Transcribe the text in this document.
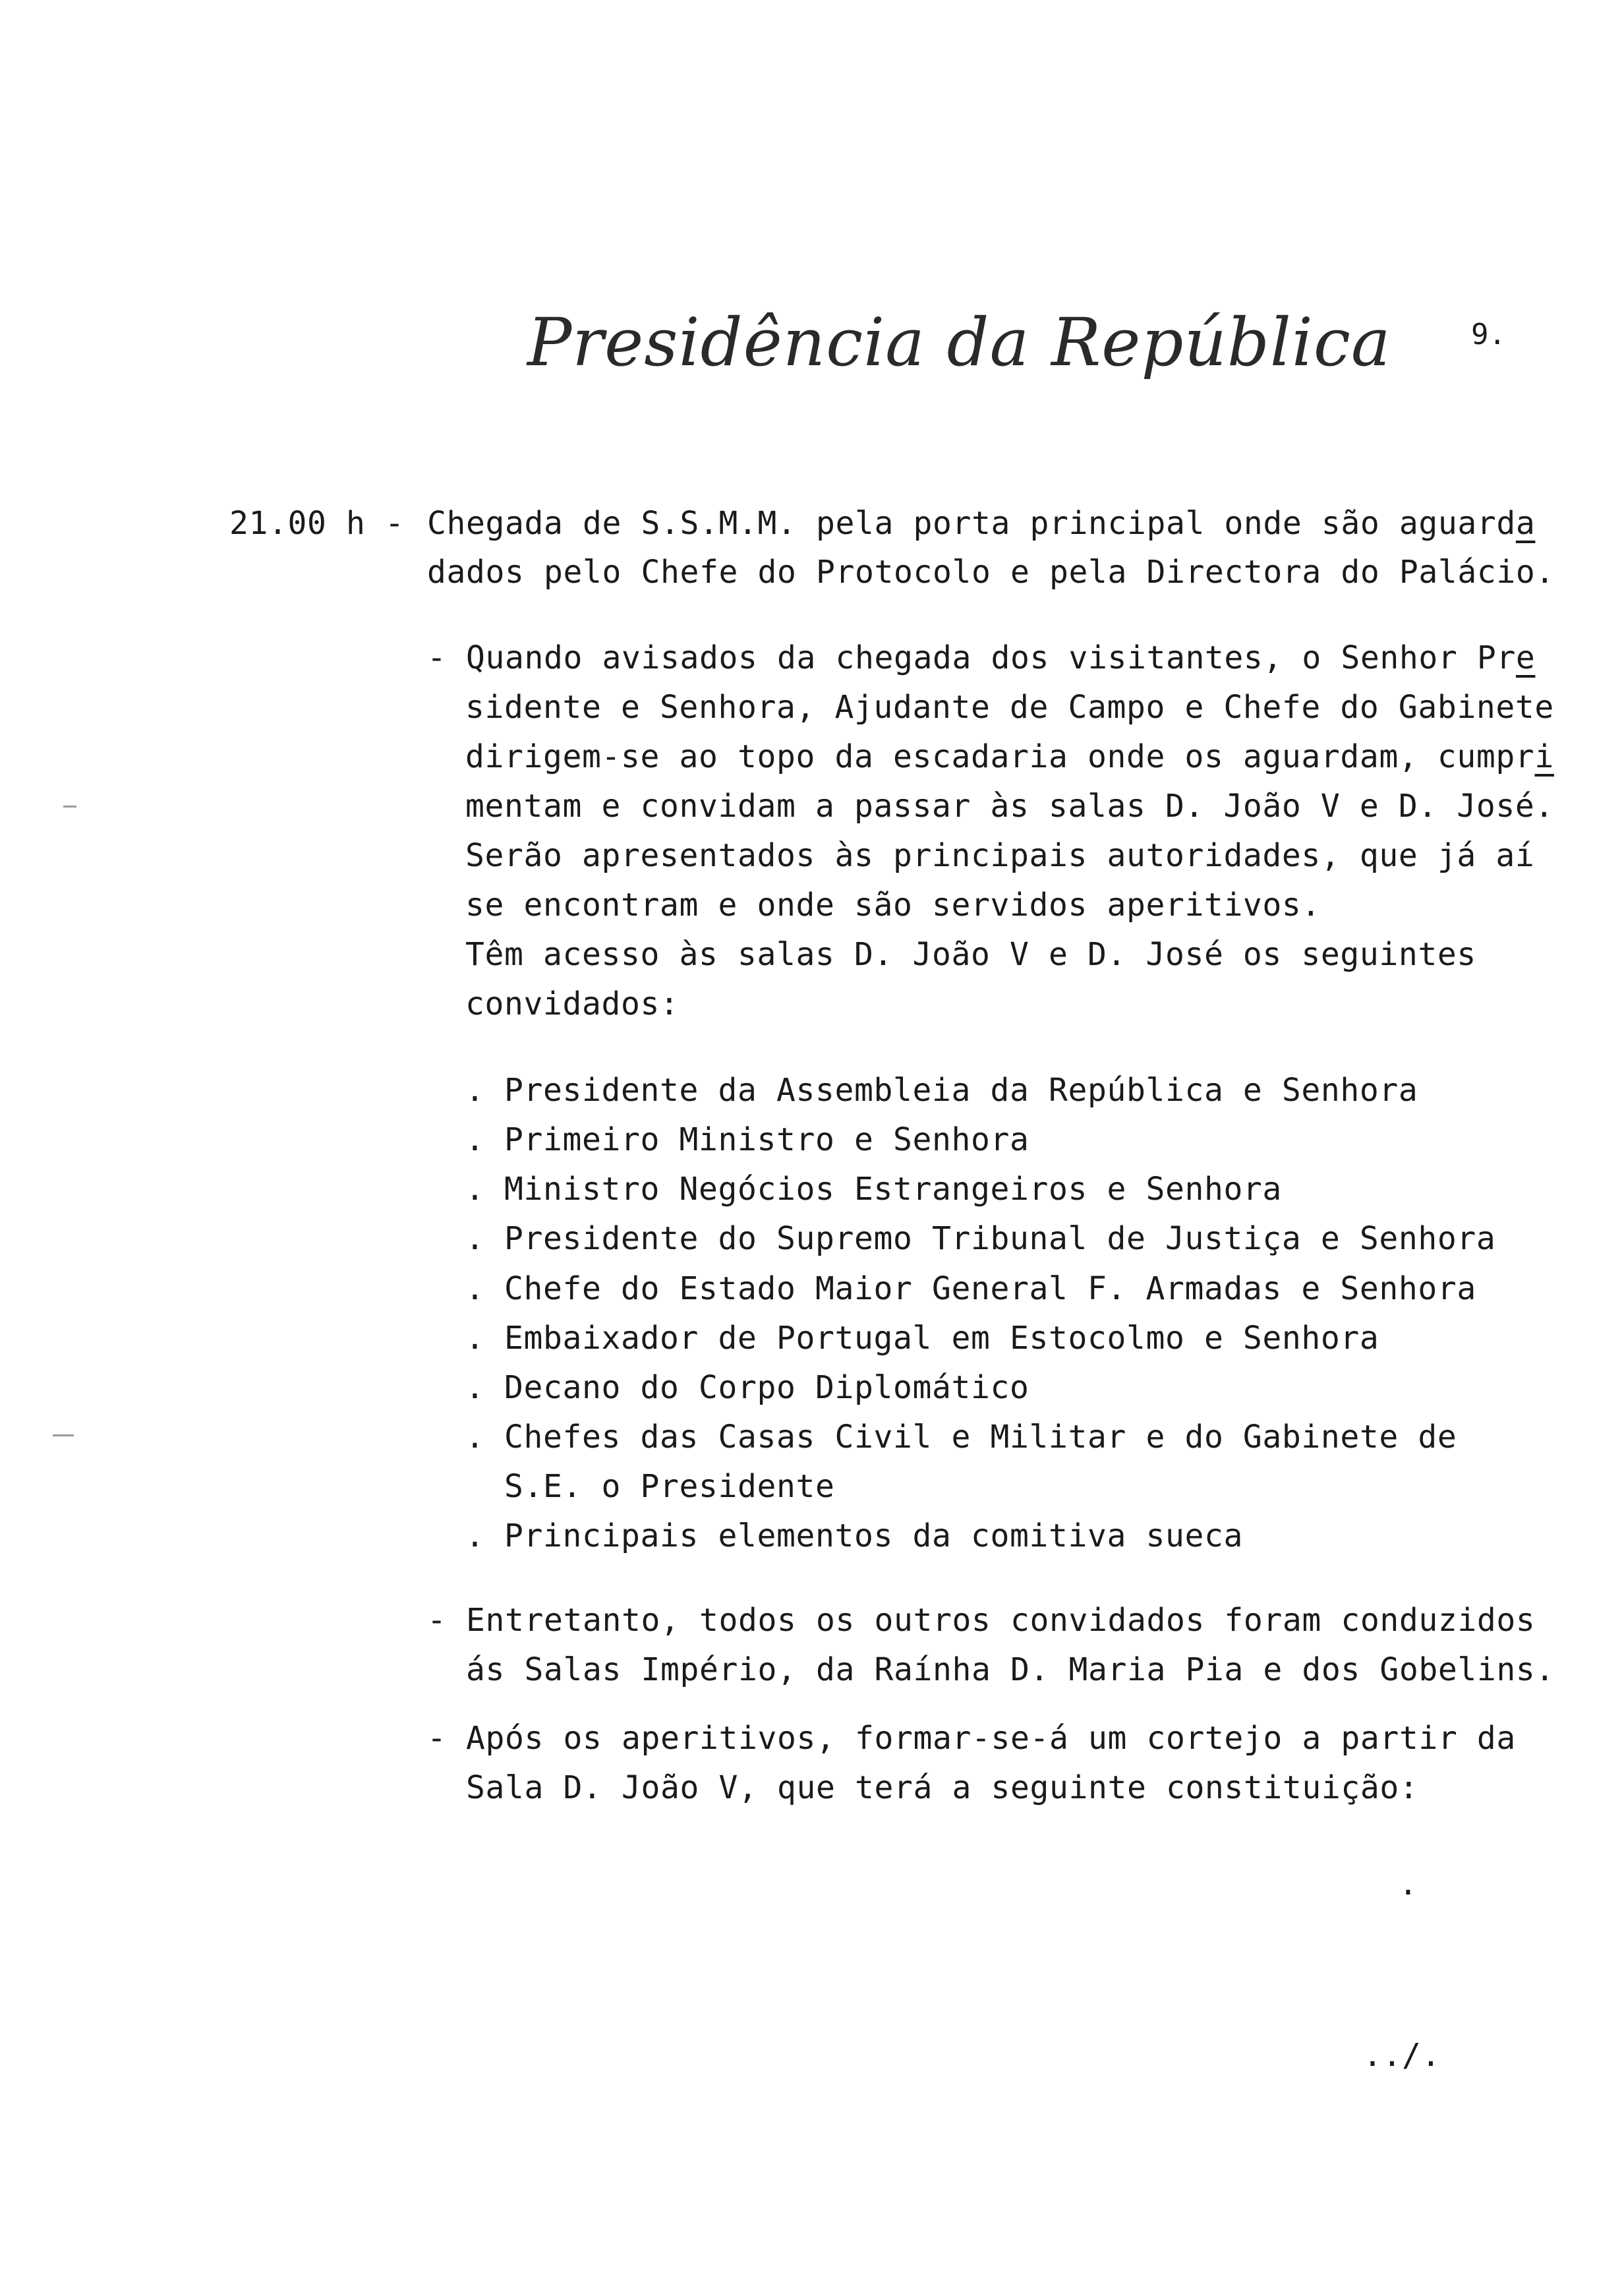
Presidência da República	9.
21.00 h - Chegada de S.S.M.M. pela porta principal onde são aguarda
dados pelo Chefe do Protocolo e pela Directora do Palácio.
- Quando avisados da chegada dos visitantes, o Senhor Pre
sidente e Senhora, Ajudante de Campo e Chefe do Gabinete
dirigem-se ao topo da escadaria onde os aguardam, cumpri
mentam e convidam a passar às salas D. João V e D. José.
Serão apresentados às principais autoridades, que já aí
se encontram e onde são servidos aperitivos.
Têm acesso às salas D. João V e D. José os seguintes
convidados:
. Presidente da Assembleia da República e Senhora
. Primeiro Ministro e Senhora
. Ministro Negócios Estrangeiros e Senhora
. Presidente do Supremo Tribunal de Justiça e Senhora
. Chefe do Estado Maior General F. Armadas e Senhora
. Embaixador de Portugal em Estocolmo e Senhora
. Decano do Corpo Diplomático
. Chefes das Casas Civil e Militar e do Gabinete de
S.E. o Presidente
. Principais elementos da comitiva sueca
- Entretanto, todos os outros convidados foram conduzidos
ás Salas Império, da Raínha D. Maria Pia e dos Gobelins.
- Após os aperitivos, formar-se-á um cortejo a partir da
Sala D. João V, que terá a seguinte constituição:
.
../.
